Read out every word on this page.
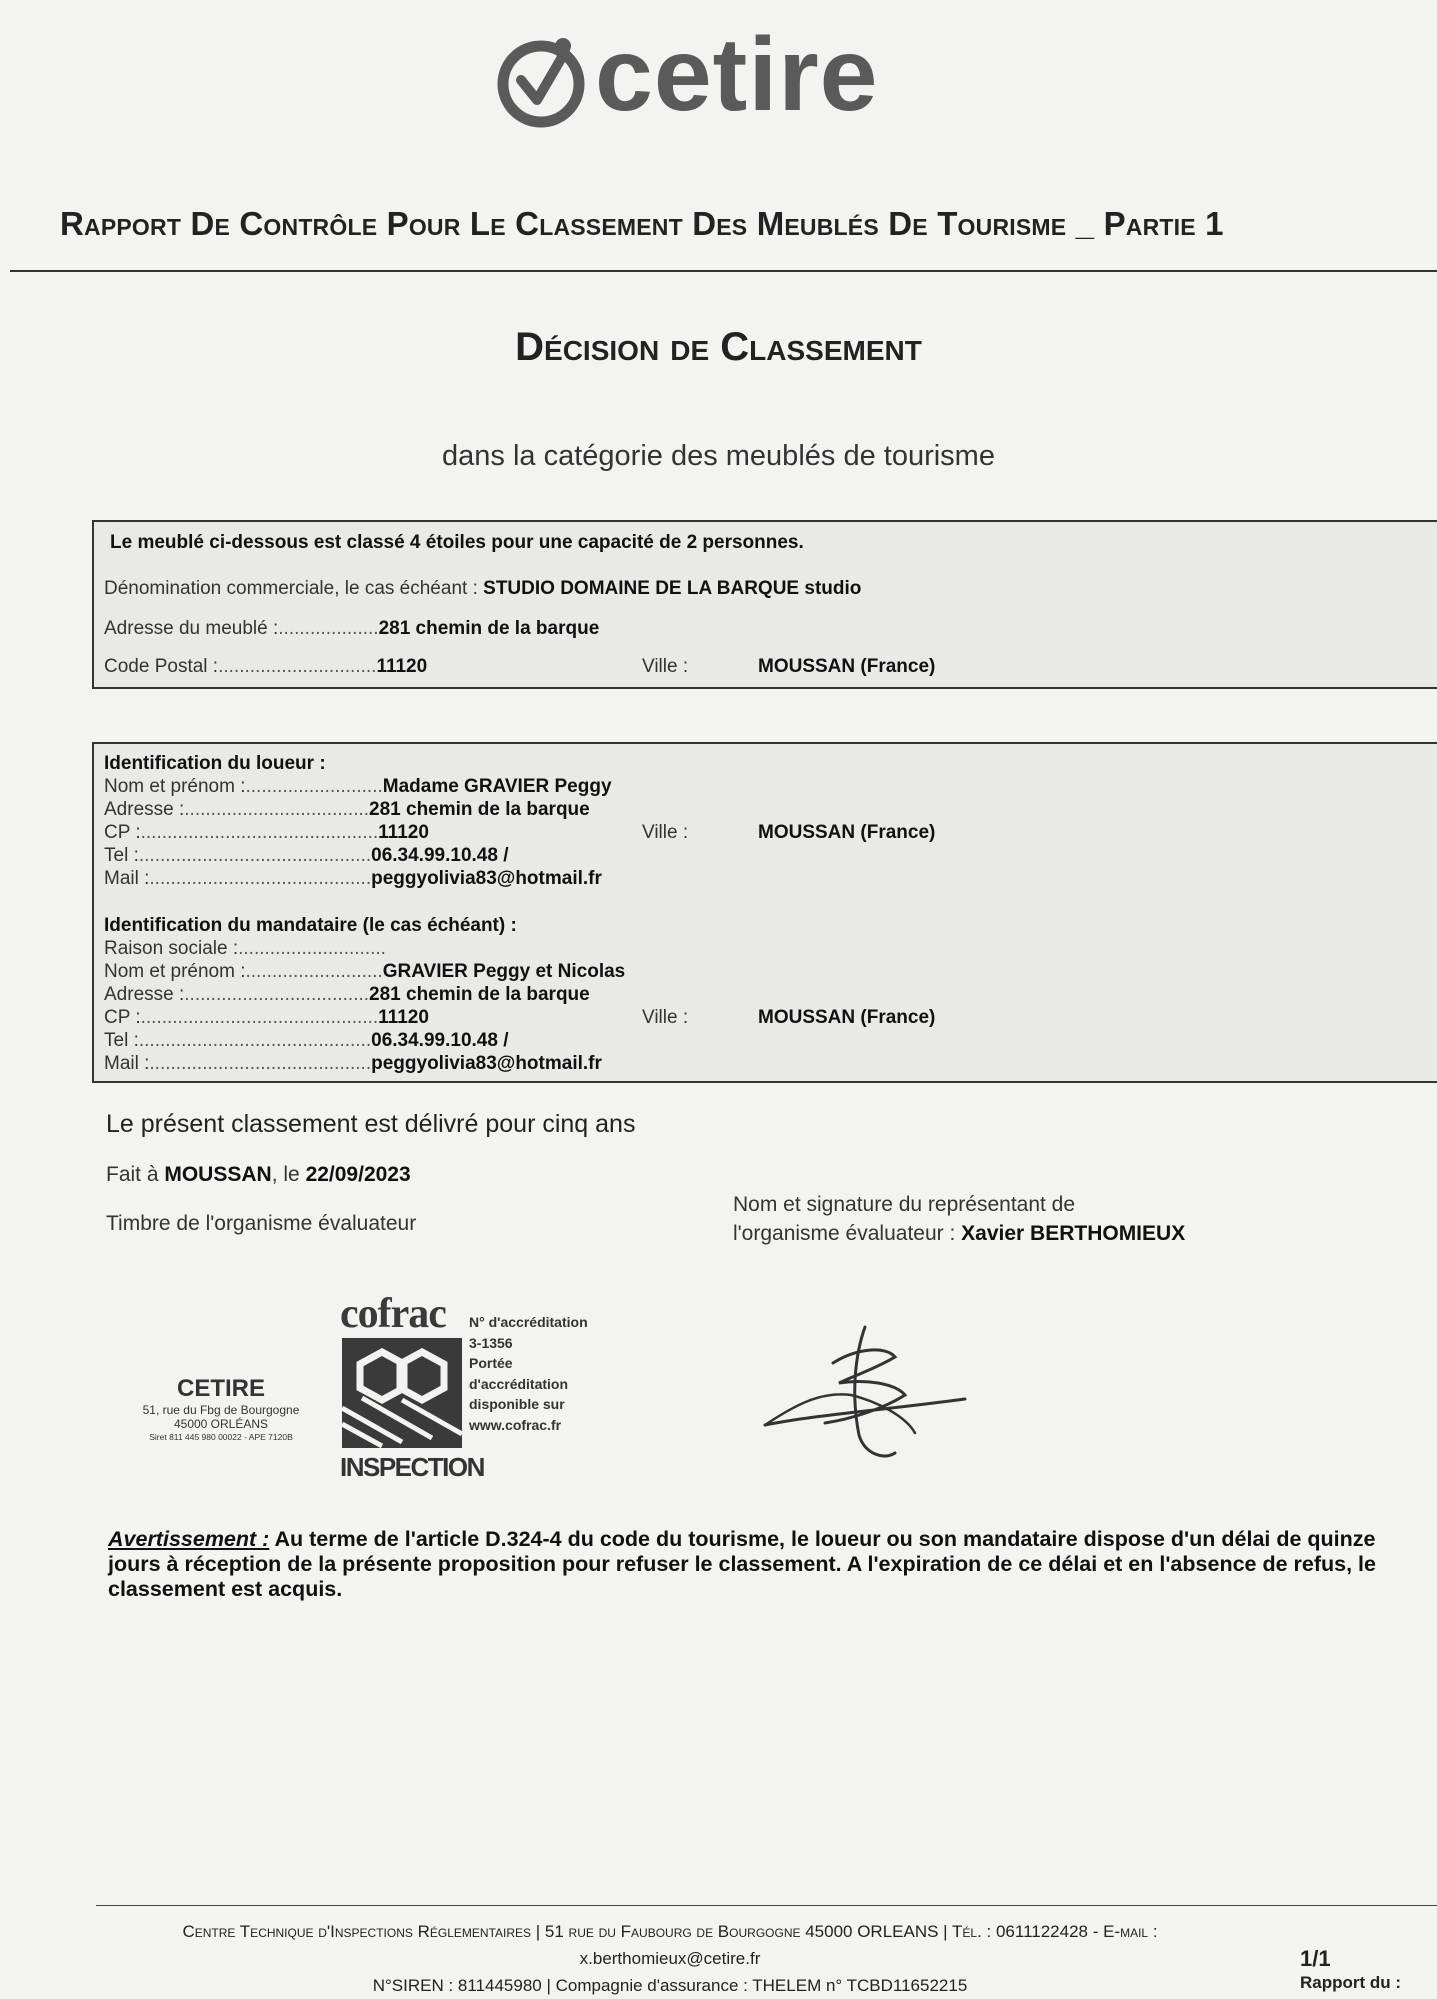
cetire
Rapport De Contrôle Pour Le Classement Des Meublés De Tourisme _ Partie 1
Décision de Classement
dans la catégorie des meublés de tourisme
Le meublé ci-dessous est classé 4 étoiles pour une capacité de 2 personnes.
Dénomination commerciale, le cas échéant : STUDIO DOMAINE DE LA BARQUE studio
Adresse du meublé :...................281 chemin de la barque
Code Postal :..............................11120	Ville :	MOUSSAN (France)
Identification du loueur :
Nom et prénom :..........................Madame GRAVIER Peggy
Adresse :...................................281 chemin de la barque
CP :.............................................11120	Ville :	MOUSSAN (France)
Tel :............................................06.34.99.10.48 /
Mail :..........................................peggyolivia83@hotmail.fr
Identification du mandataire (le cas échéant) :
Raison sociale :............................
Nom et prénom :..........................GRAVIER Peggy et Nicolas
Adresse :...................................281 chemin de la barque
CP :.............................................11120	Ville :	MOUSSAN (France)
Tel :............................................06.34.99.10.48 /
Mail :..........................................peggyolivia83@hotmail.fr
Le présent classement est délivré pour cinq ans
Fait à MOUSSAN, le 22/09/2023
Timbre de l'organisme évaluateur
Nom et signature du représentant de
l'organisme évaluateur : Xavier BERTHOMIEUX
CETIRE
51, rue du Fbg de Bourgogne
45000 ORLÉANS
Siret 811 445 980 00022 - APE 7120B
cofrac
INSPECTION
N° d'accréditation
3-1356
Portée
d'accréditation
disponible sur
www.cofrac.fr
Avertissement : Au terme de l'article D.324-4 du code du tourisme, le loueur ou son mandataire dispose d'un délai de quinze jours à réception de la présente proposition pour refuser le classement. A l'expiration de ce délai et en l'absence de refus, le classement est acquis.
Centre Technique d'Inspections Réglementaires | 51 rue du Faubourg de Bourgogne 45000 ORLEANS | Tél. : 0611122428 - E-mail :
x.berthomieux@cetire.fr
N°SIREN : 811445980 | Compagnie d'assurance : THELEM n° TCBD11652215
1/1
Rapport du :
